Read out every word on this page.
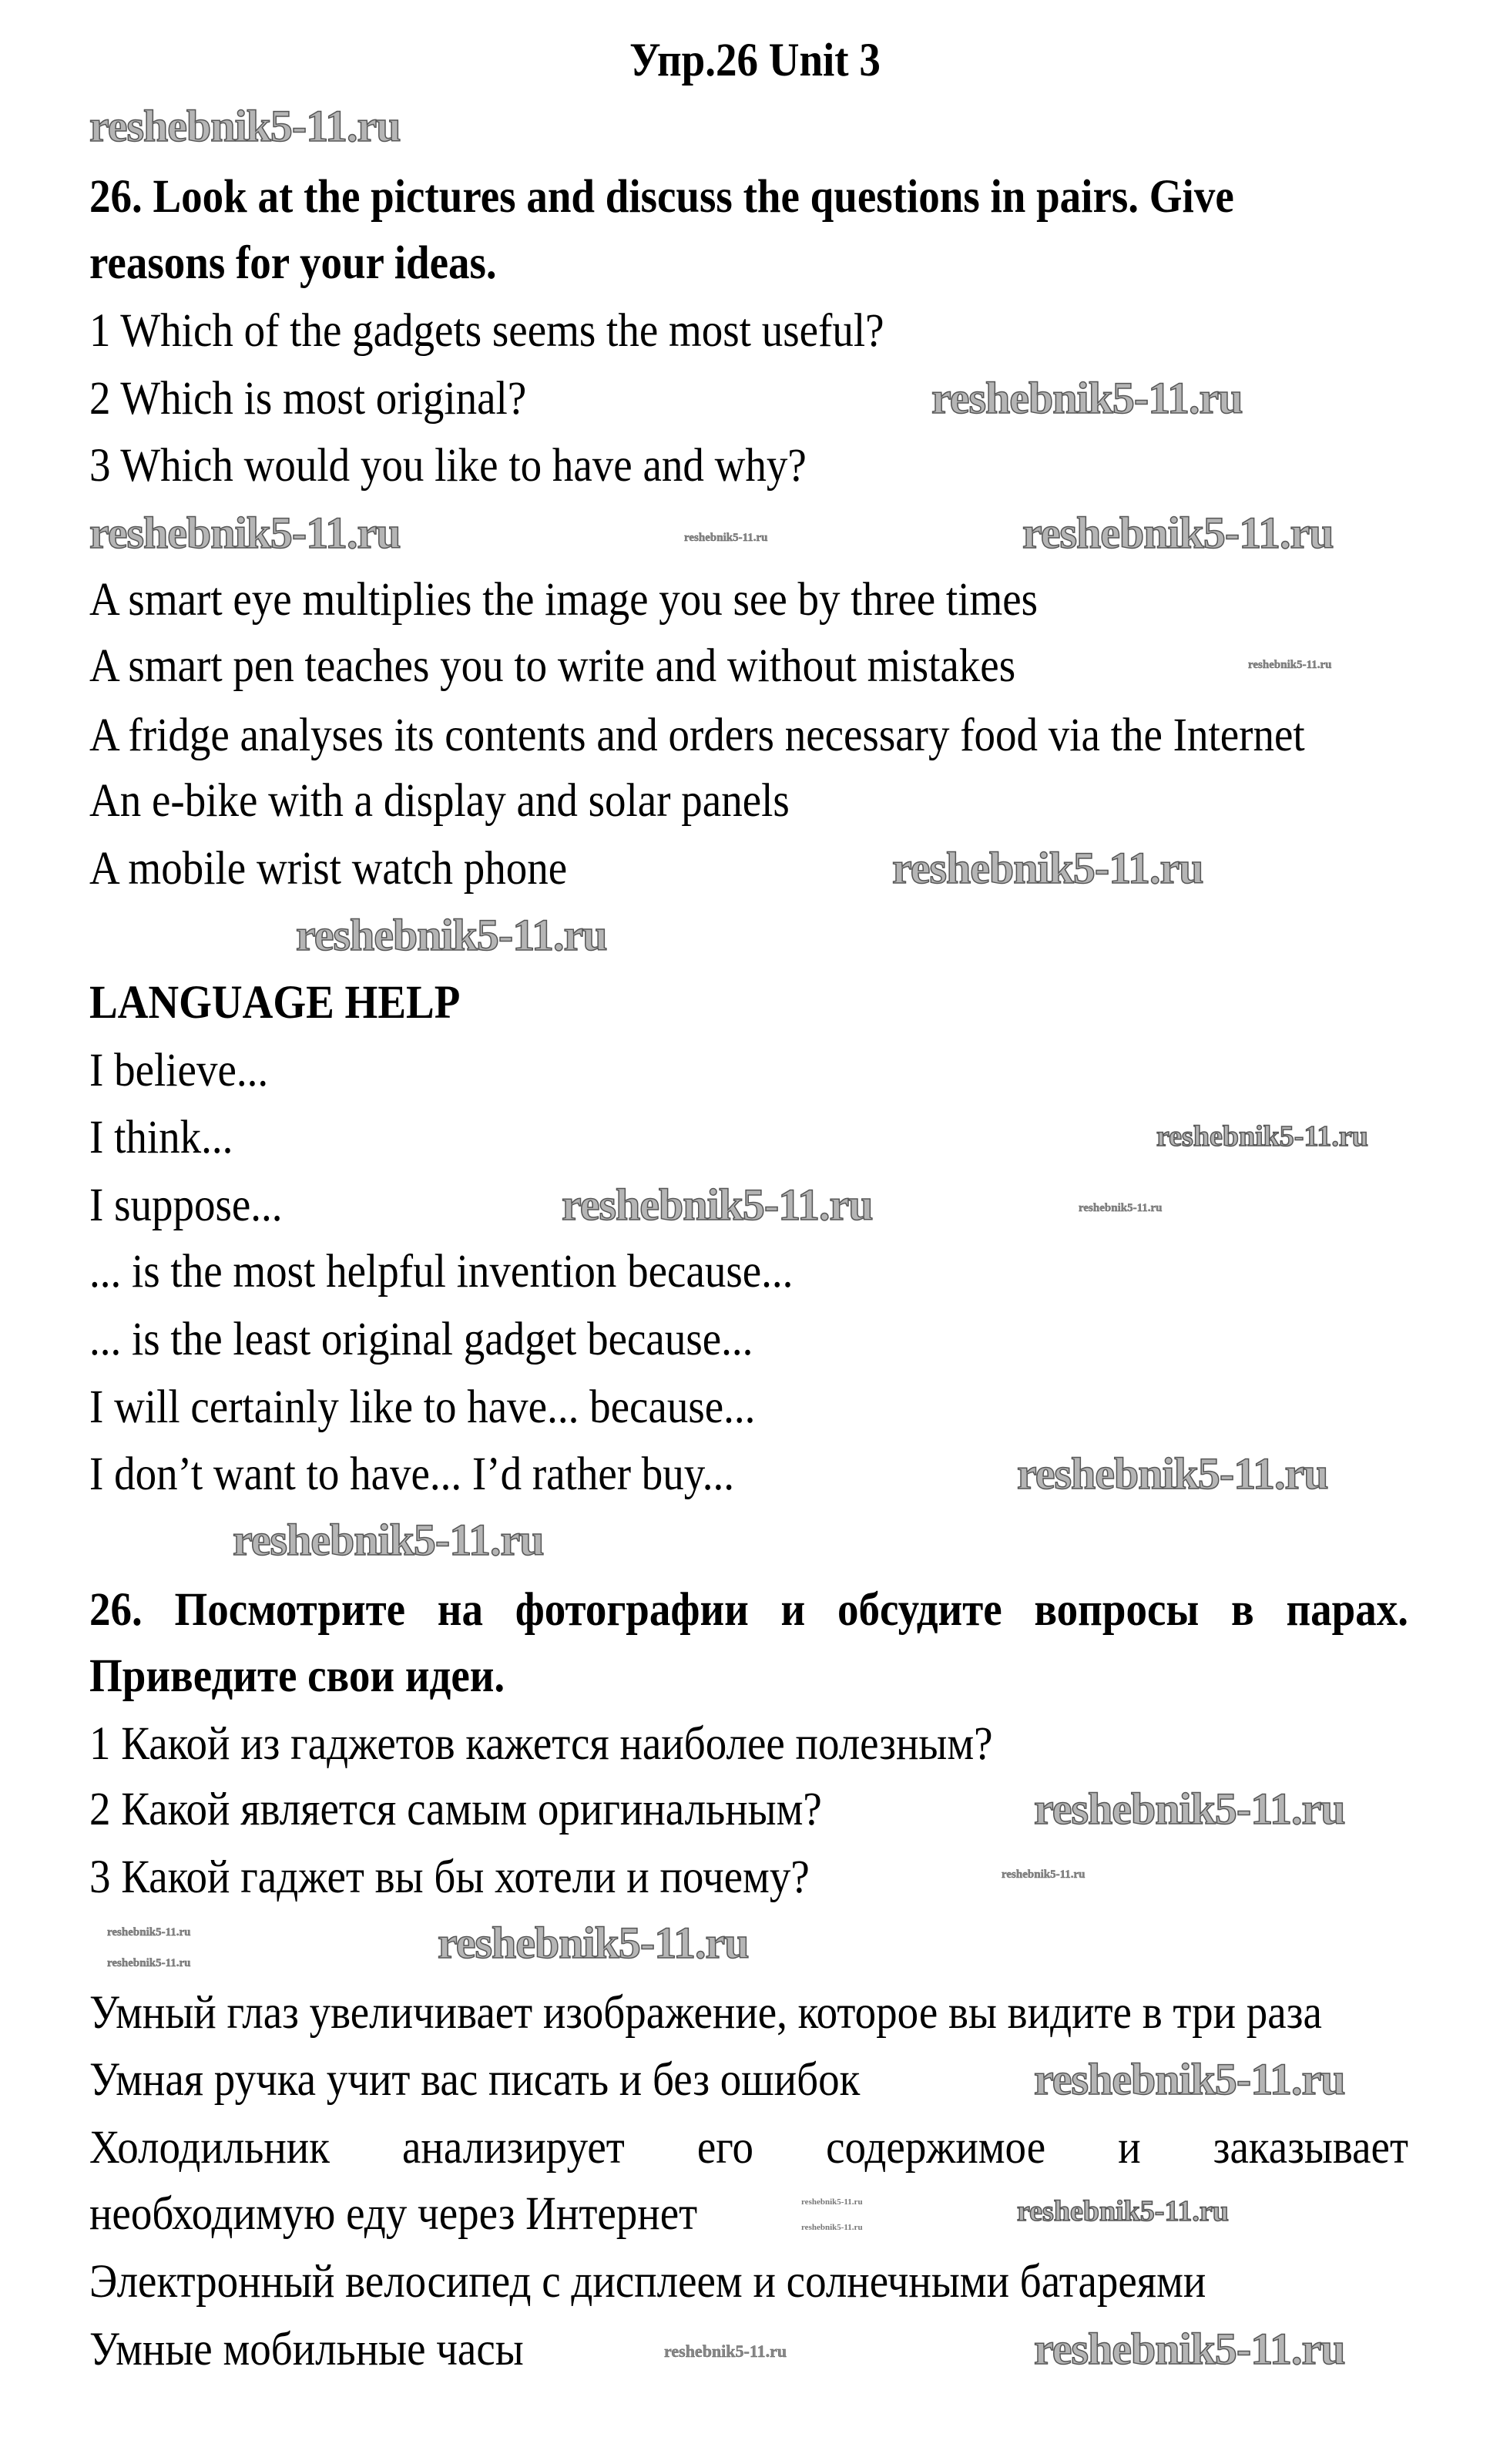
Упр.26 Unit 3
26. Look at the pictures and discuss the questions in pairs. Give
reasons for your ideas.
1 Which of the gadgets seems the most useful?
2 Which is most original?
3 Which would you like to have and why?
A smart eye multiplies the image you see by three times
A smart pen teaches you to write and without mistakes
A fridge analyses its contents and orders necessary food via the Internet
An e-bike with a display and solar panels
A mobile wrist watch phone
LANGUAGE HELP
I believe...
I think...
I suppose...
... is the most helpful invention because...
... is the least original gadget because...
I will certainly like to have... because...
I don’t want to have... I’d rather buy...
26. Посмотрите на фотографии и обсудите вопросы в парах.
Приведите свои идеи.
1 Какой из гаджетов кажется наиболее полезным?
2 Какой является самым оригинальным?
3 Какой гаджет вы бы хотели и почему?
Умный глаз увеличивает изображение, которое вы видите в три раза
Умная ручка учит вас писать и без ошибок
Холодильник анализирует его содержимое и заказывает
необходимую еду через Интернет
Электронный велосипед с дисплеем и солнечными батареями
Умные мобильные часы
reshebnik5-11.ru
reshebnik5-11.ru
reshebnik5-11.ru	reshebnik5-11.ru	reshebnik5-11.ru
reshebnik5-11.ru
reshebnik5-11.ru
reshebnik5-11.ru
reshebnik5-11.ru
reshebnik5-11.ru	reshebnik5-11.ru
reshebnik5-11.ru
reshebnik5-11.ru
reshebnik5-11.ru
reshebnik5-11.ru
reshebnik5-11.ru	reshebnik5-11.ru
reshebnik5-11.ru
reshebnik5-11.ru
reshebnik5-11.ru
reshebnik5-11.ru
reshebnik5-11.ru
reshebnik5-11.ru
reshebnik5-11.ru
